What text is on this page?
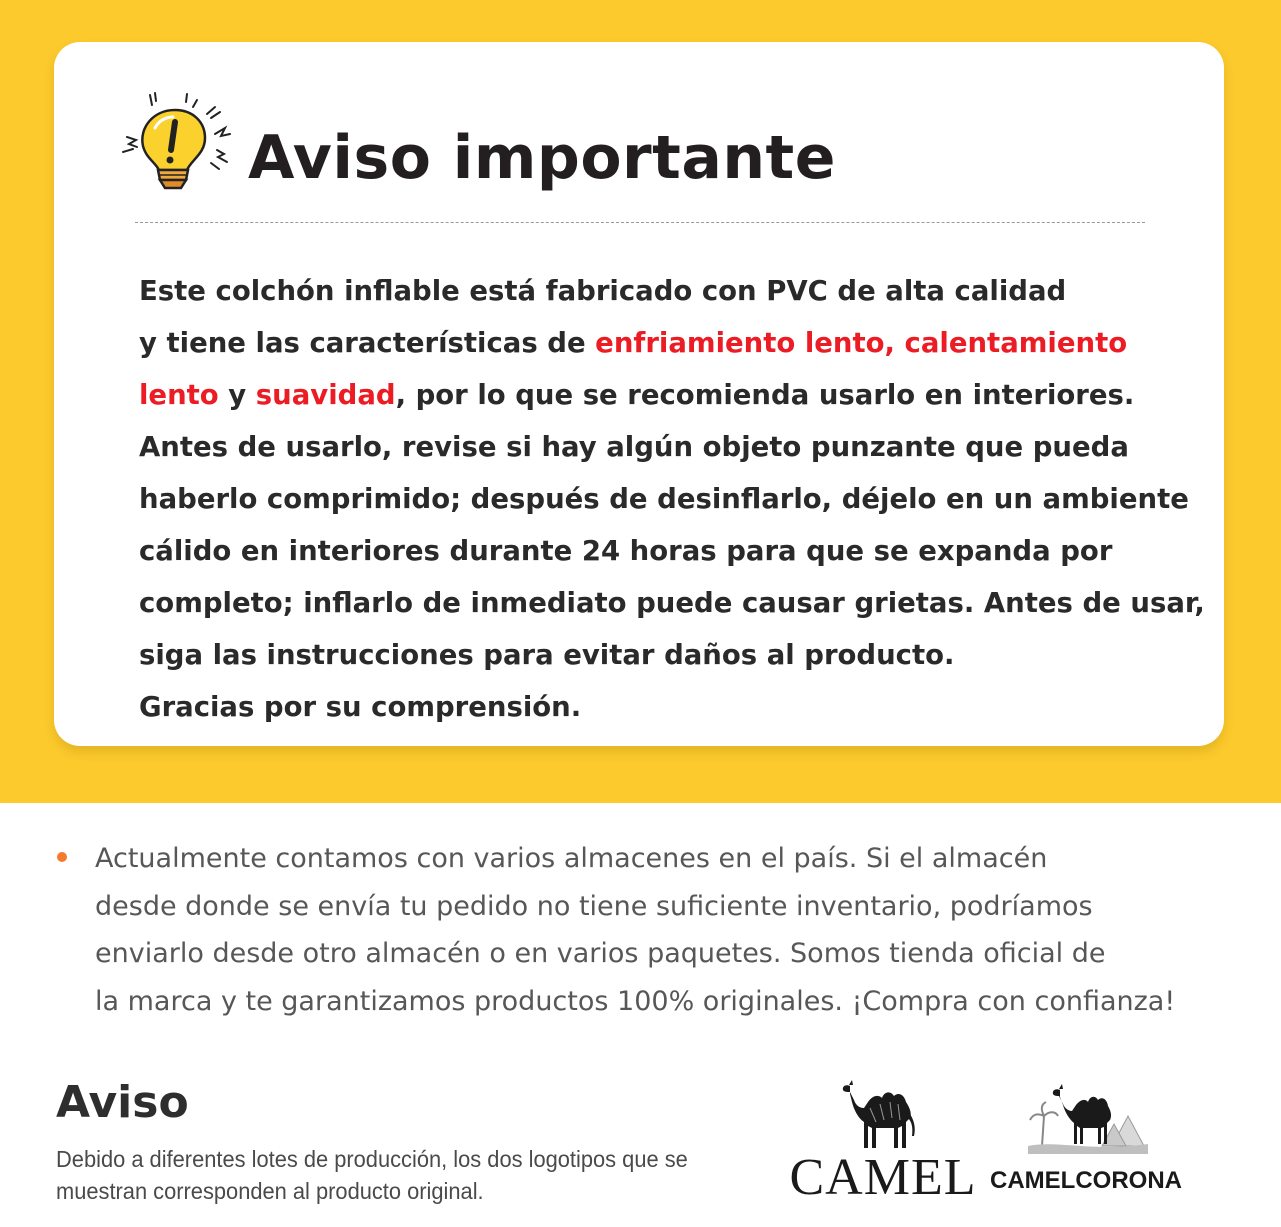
Aviso importante

Este colchón inflable está fabricado con PVC de alta calidad
y tiene las características de enfriamiento lento, calentamiento
lento y suavidad, por lo que se recomienda usarlo en interiores.
Antes de usarlo, revise si hay algún objeto punzante que pueda
haberlo comprimido; después de desinflarlo, déjelo en un ambiente
cálido en interiores durante 24 horas para que se expanda por
completo; inflarlo de inmediato puede causar grietas. Antes de usar,
siga las instrucciones para evitar daños al producto.
Gracias por su comprensión.

Actualmente contamos con varios almacenes en el país. Si el almacén
desde donde se envía tu pedido no tiene suficiente inventario, podríamos
enviarlo desde otro almacén o en varios paquetes. Somos tienda oficial de
la marca y te garantizamos productos 100% originales. ¡Compra con confianza!

Aviso

Debido a diferentes lotes de producción, los dos logotipos que se
muestran corresponden al producto original.	CAMEL CAMELCORONA
